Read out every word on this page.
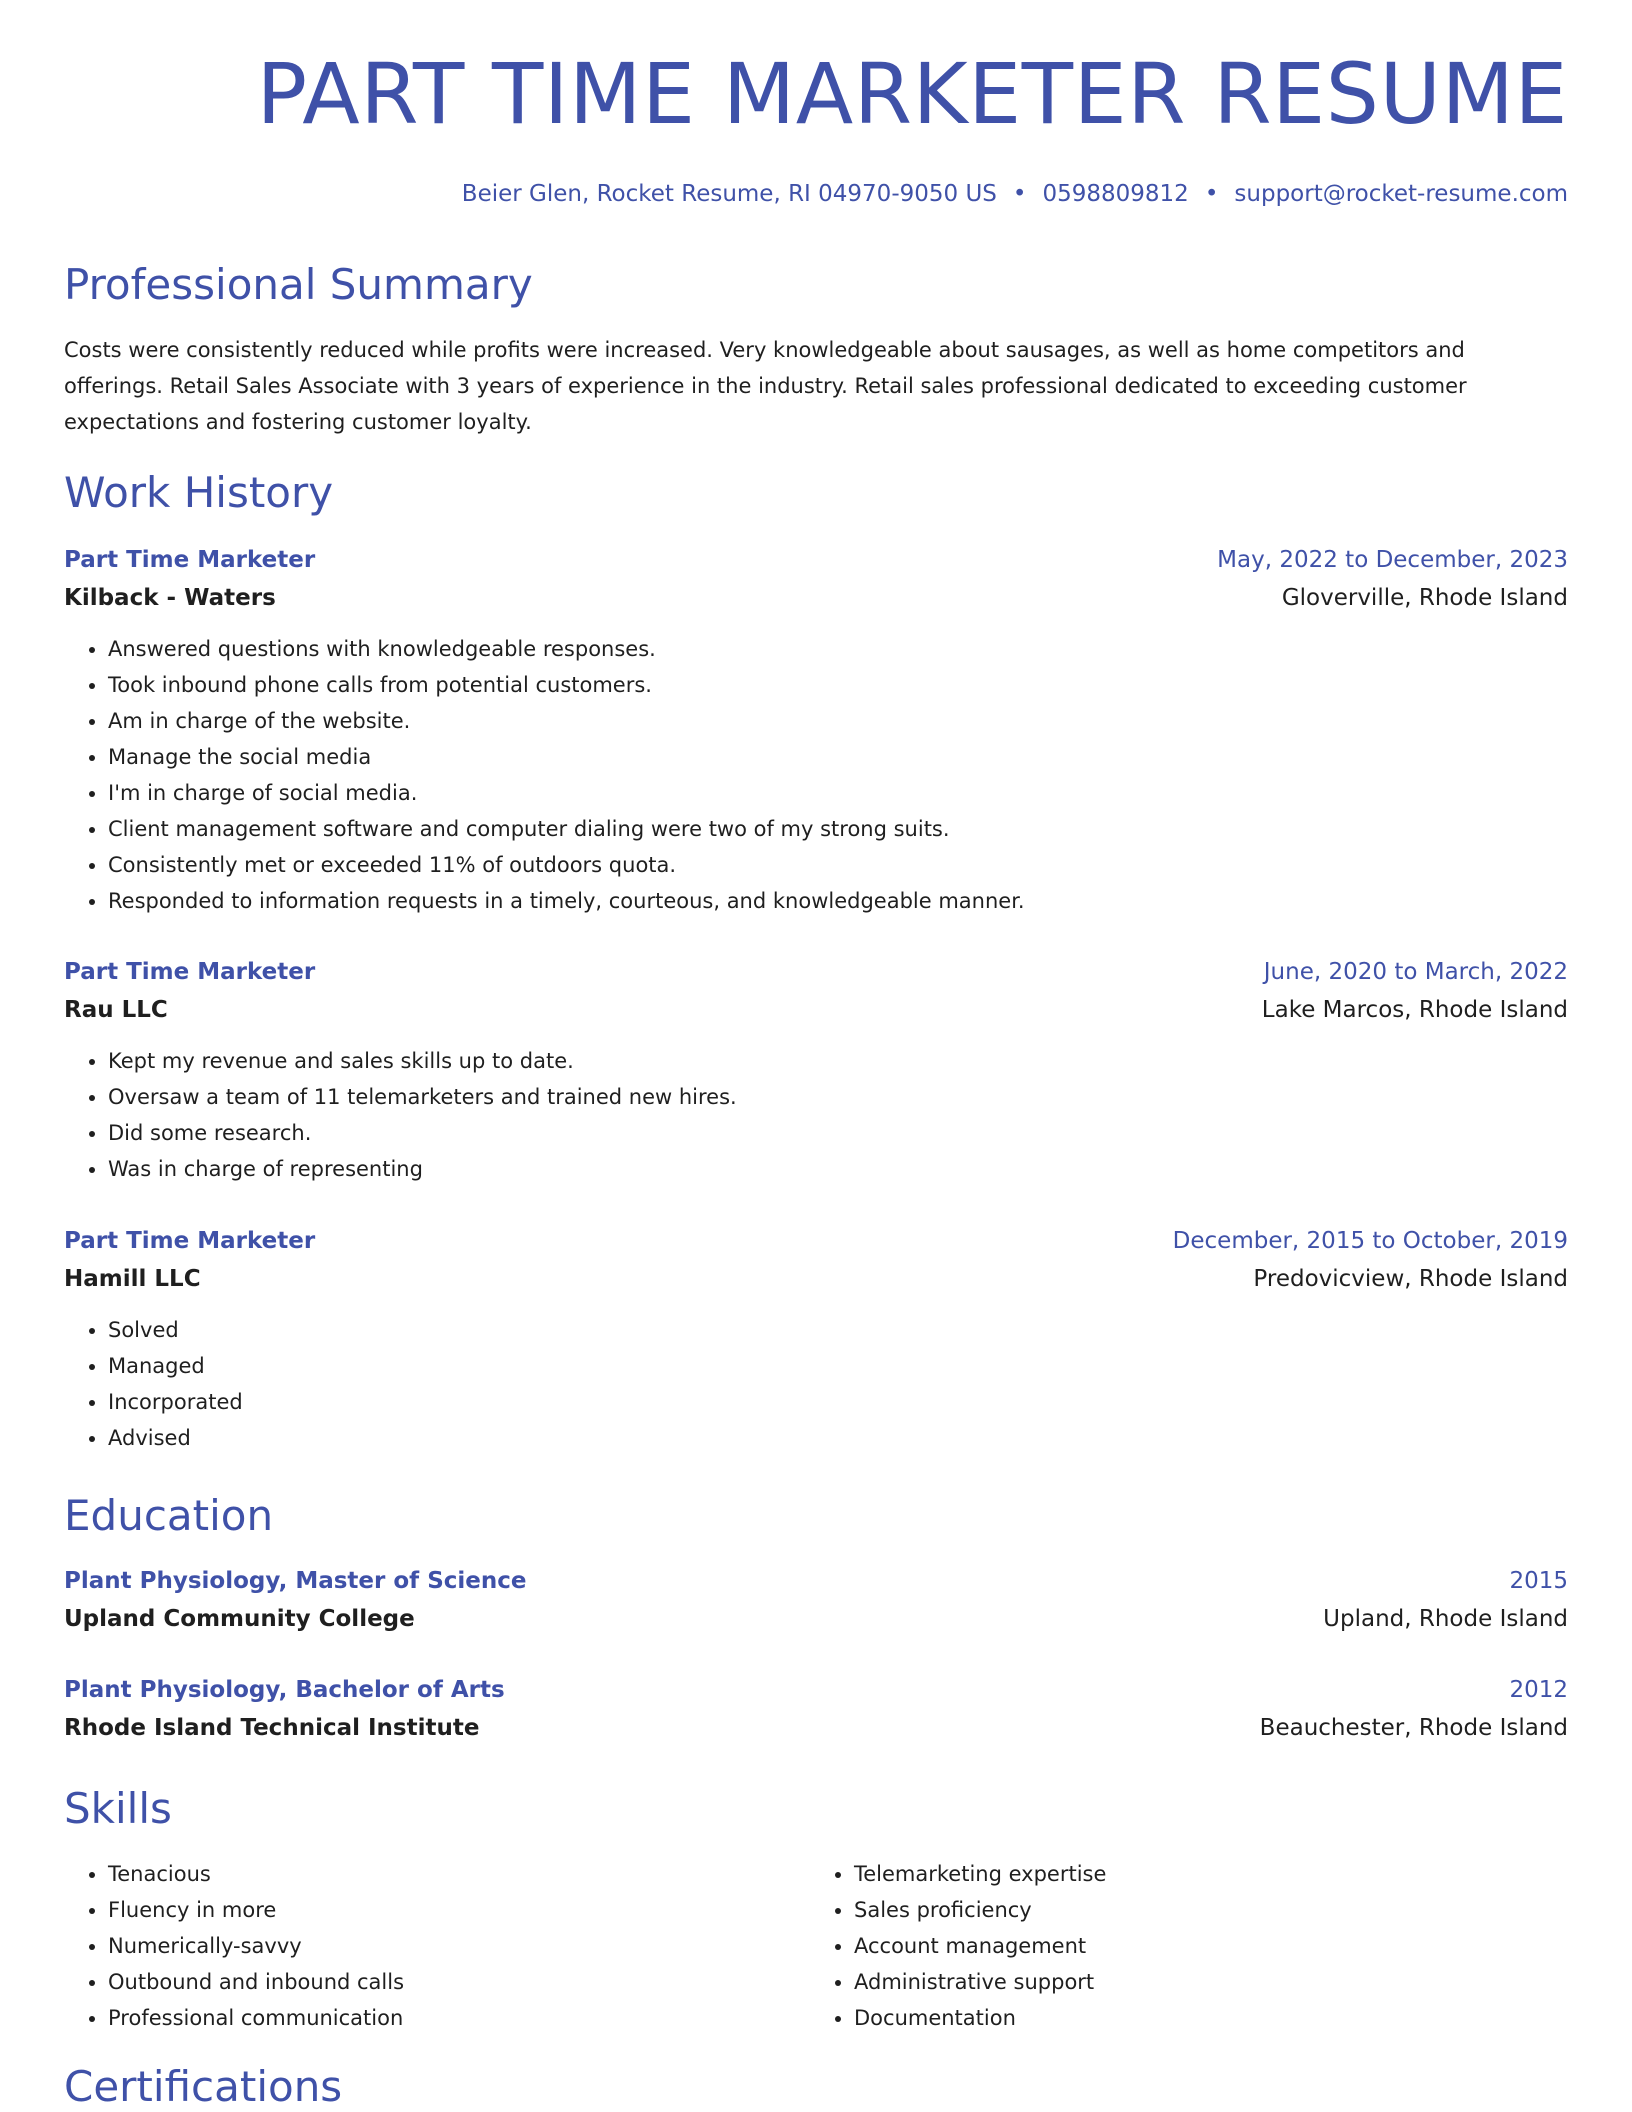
PART TIME MARKETER RESUME
Beier Glen, Rocket Resume, RI 04970-9050 US • 0598809812 • support@rocket-resume.com
Professional Summary
Costs were consistently reduced while profits were increased. Very knowledgeable about sausages, as well as home competitors and offerings. Retail Sales Associate with 3 years of experience in the industry. Retail sales professional dedicated to exceeding customer expectations and fostering customer loyalty.
Work History
Part Time Marketer	May, 2022 to December, 2023
Kilback - Waters	Gloverville, Rhode Island
• Answered questions with knowledgeable responses.
• Took inbound phone calls from potential customers.
• Am in charge of the website.
• Manage the social media
• I'm in charge of social media.
• Client management software and computer dialing were two of my strong suits.
• Consistently met or exceeded 11% of outdoors quota.
• Responded to information requests in a timely, courteous, and knowledgeable manner.
Part Time Marketer	June, 2020 to March, 2022
Rau LLC	Lake Marcos, Rhode Island
• Kept my revenue and sales skills up to date.
• Oversaw a team of 11 telemarketers and trained new hires.
• Did some research.
• Was in charge of representing
Part Time Marketer	December, 2015 to October, 2019
Hamill LLC	Predovicview, Rhode Island
• Solved
• Managed
• Incorporated
• Advised
Education
Plant Physiology, Master of Science	2015
Upland Community College	Upland, Rhode Island
Plant Physiology, Bachelor of Arts	2012
Rhode Island Technical Institute	Beauchester, Rhode Island
Skills
• Tenacious
• Fluency in more
• Numerically-savvy
• Outbound and inbound calls
• Professional communication
• Telemarketing expertise
• Sales proficiency
• Account management
• Administrative support
• Documentation
Certifications
